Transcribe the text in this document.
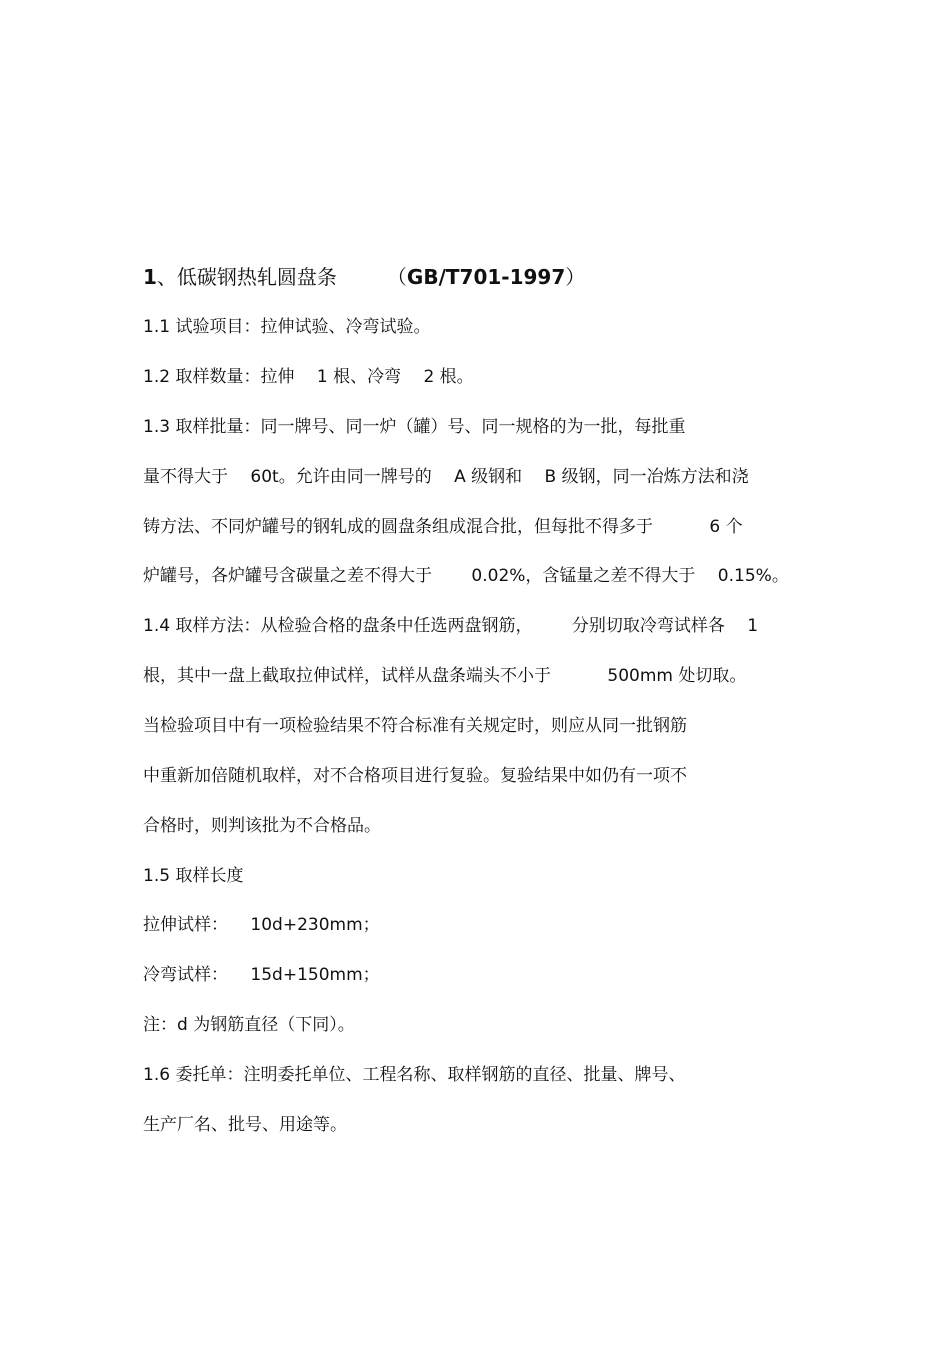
1、低碳钢热轧圆盘条	（GB/T701-1997）
1.1 试验项目：拉伸试验、冷弯试验。
1.2 取样数量：拉伸 　1 根、冷弯 　2 根。
1.3 取样批量：同一牌号、同一炉（罐）号、同一规格的为一批，每批重
量不得大于 　60t。允许由同一牌号的 　A 级钢和 　B 级钢，同一冶炼方法和浇
铸方法、不同炉罐号的钢轧成的圆盘条组成混合批，但每批不得多于 　　　6 个
炉罐号，各炉罐号含碳量之差不得大于 　　0.02%，含锰量之差不得大于 　0.15%。
1.4 取样方法：从检验合格的盘条中任选两盘钢筋， 　　分别切取冷弯试样各 　1
根，其中一盘上截取拉伸试样，试样从盘条端头不小于 　　　500mm 处切取。
当检验项目中有一项检验结果不符合标准有关规定时，则应从同一批钢筋
中重新加倍随机取样，对不合格项目进行复验。复验结果中如仍有一项不
合格时，则判该批为不合格品。
1.5 取样长度
拉伸试样： 　10d+230mm；
冷弯试样： 　15d+150mm；
注：d 为钢筋直径（下同）。
1.6 委托单：注明委托单位、工程名称、取样钢筋的直径、批量、牌号、
生产厂名、批号、用途等。
